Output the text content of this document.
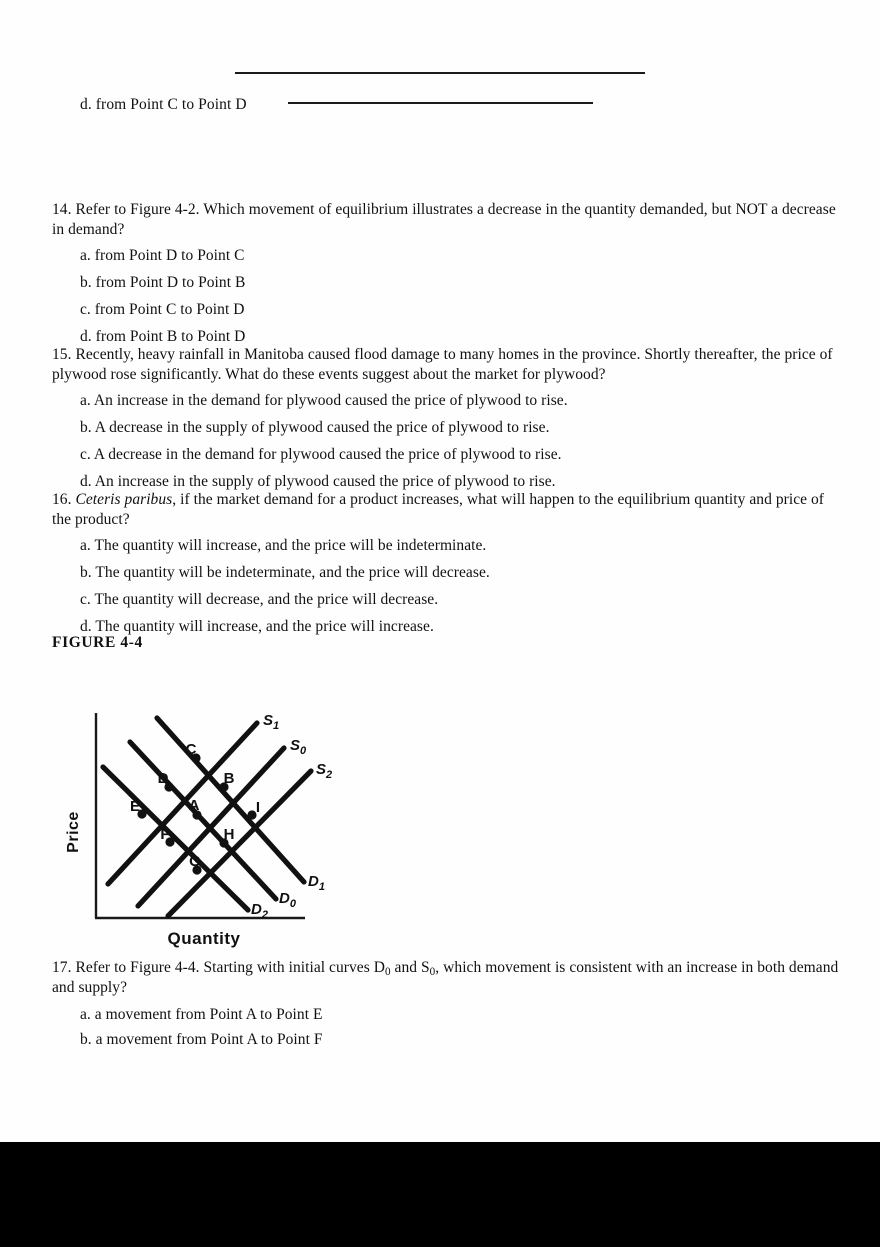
d. from Point C to Point D
14. Refer to Figure 4-2. Which movement of equilibrium illustrates a decrease in the quantity demanded, but NOT a decrease in demand?
a. from Point D to Point C
b. from Point D to Point B
c. from Point C to Point D
d. from Point B to Point D
15. Recently, heavy rainfall in Manitoba caused flood damage to many homes in the province. Shortly thereafter, the price of plywood rose significantly. What do these events suggest about the market for plywood?
a. An increase in the demand for plywood caused the price of plywood to rise.
b. A decrease in the supply of plywood caused the price of plywood to rise.
c. A decrease in the demand for plywood caused the price of plywood to rise.
d. An increase in the supply of plywood caused the price of plywood to rise.
16. Ceteris paribus, if the market demand for a product increases, what will happen to the equilibrium quantity and price of the product?
a. The quantity will increase, and the price will be indeterminate.
b. The quantity will be indeterminate, and the price will decrease.
c. The quantity will decrease, and the price will decrease.
d. The quantity will increase, and the price will increase.
FIGURE 4-4
C
D	B
E	A	I
F	H
G
$S_1$
$S_0$
$S_2$
$D_2$
$D_0$
$D_1$
Price
Quantity
17. Refer to Figure 4-4. Starting with initial curves $D_0$ and $S_0$, which movement is consistent with an increase in both demand and supply?
a. a movement from Point A to Point E
b. a movement from Point A to Point F
